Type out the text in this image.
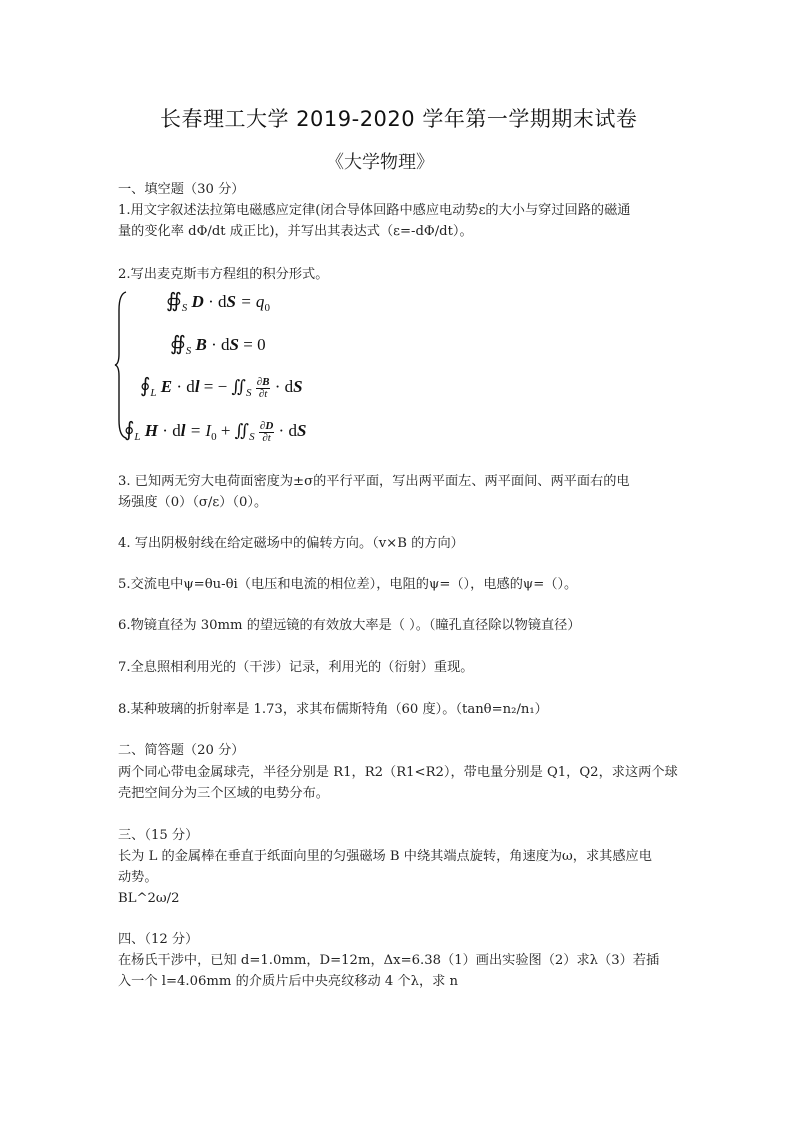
长春理工大学 2019-2020 学年第一学期期末试卷
《大学物理》
一、填空题（30 分）
1.用文字叙述法拉第电磁感应定律(闭合导体回路中感应电动势ε的大小与穿过回路的磁通
量的变化率 dΦ/dt 成正比)，并写出其表达式（ε=-dΦ/dt）。
2.写出麦克斯韦方程组的积分形式。
$∯_S$ D · dS = $q_0$
$∯_S$ B · dS = 0
$∮_L$ E · dl = − $∬_S \frac{\partial B}{\partial t}$ · dS
$∮_L$ H · dl = $I_0$ + $∬_S \frac{\partial D}{\partial t}$ · dS
3. 已知两无穷大电荷面密度为±σ的平行平面，写出两平面左、两平面间、两平面右的电
场强度（0）（σ/ε）（0）。
4. 写出阴极射线在给定磁场中的偏转方向。（v×B 的方向）
5.交流电中ψ=θu-θi（电压和电流的相位差），电阻的ψ=（），电感的ψ=（）。
6.物镜直径为 30mm 的望远镜的有效放大率是（ ）。（瞳孔直径除以物镜直径）
7.全息照相利用光的（干涉）记录，利用光的（衍射）重现。
8.某种玻璃的折射率是 1.73，求其布儒斯特角（60 度）。（tanθ=n₂/n₁）
二、简答题（20 分）
两个同心带电金属球壳，半径分别是 R1，R2（R1<R2），带电量分别是 Q1，Q2，求这两个球
壳把空间分为三个区域的电势分布。
三、（15 分）
长为 L 的金属棒在垂直于纸面向里的匀强磁场 B 中绕其端点旋转，角速度为ω，求其感应电
动势。
BL^2ω/2
四、（12 分）
在杨氏干涉中，已知 d=1.0mm，D=12m，Δx=6.38（1）画出实验图（2）求λ（3）若插
入一个 l=4.06mm 的介质片后中央亮纹移动 4 个λ，求 n
